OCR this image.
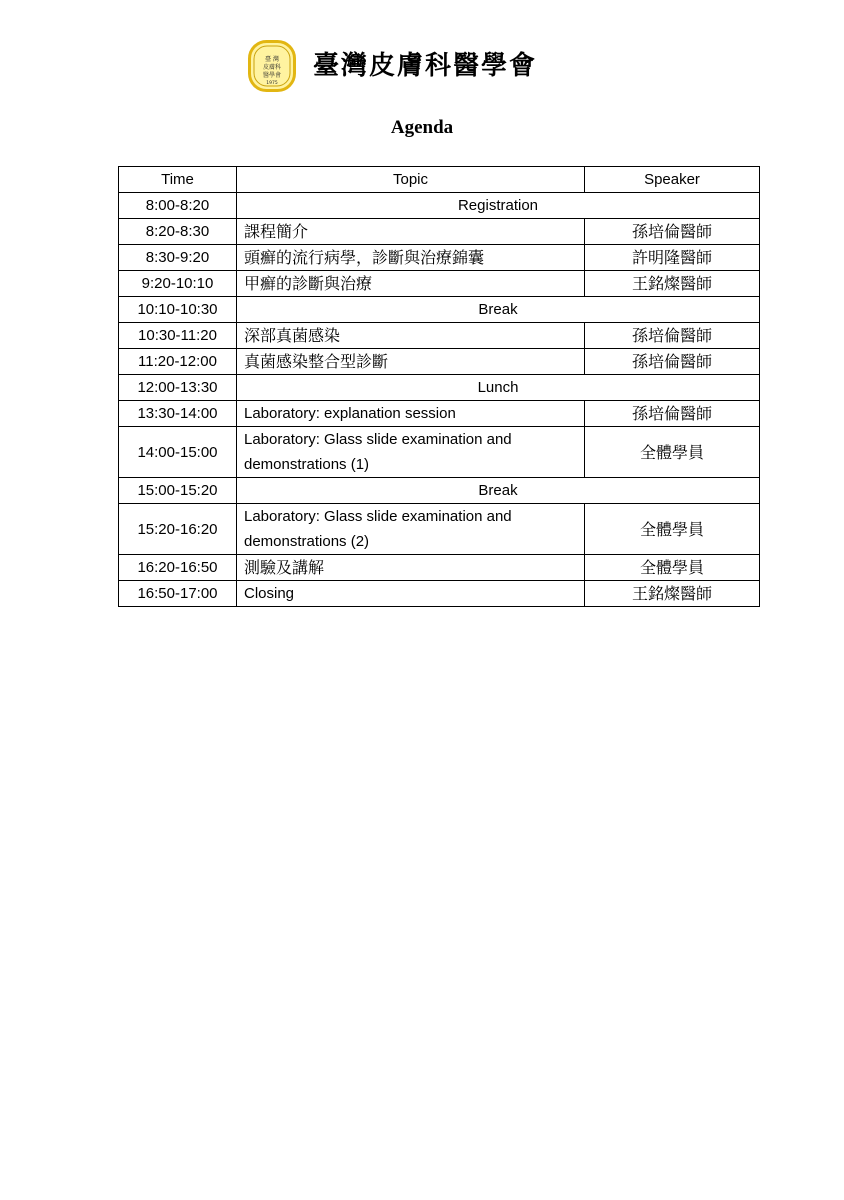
臺 灣
皮膚科
醫學會
1975
臺灣皮膚科醫學會
Agenda
Time	Topic	Speaker
8:00-8:20	Registration	
8:20-8:30	課程簡介	孫培倫醫師
8:30-9:20	頭癬的流行病學，診斷與治療錦囊	許明隆醫師
9:20-10:10	甲癬的診斷與治療	王銘燦醫師
10:10-10:30	Break	
10:30-11:20	深部真菌感染	孫培倫醫師
11:20-12:00	真菌感染整合型診斷	孫培倫醫師
12:00-13:30	Lunch	
13:30-14:00	Laboratory: explanation session	孫培倫醫師
14:00-15:00	Laboratory: Glass slide examination and
demonstrations (1)	全體學員
15:00-15:20	Break	
15:20-16:20	Laboratory: Glass slide examination and
demonstrations (2)	全體學員
16:20-16:50	測驗及講解	全體學員
16:50-17:00	Closing	王銘燦醫師
